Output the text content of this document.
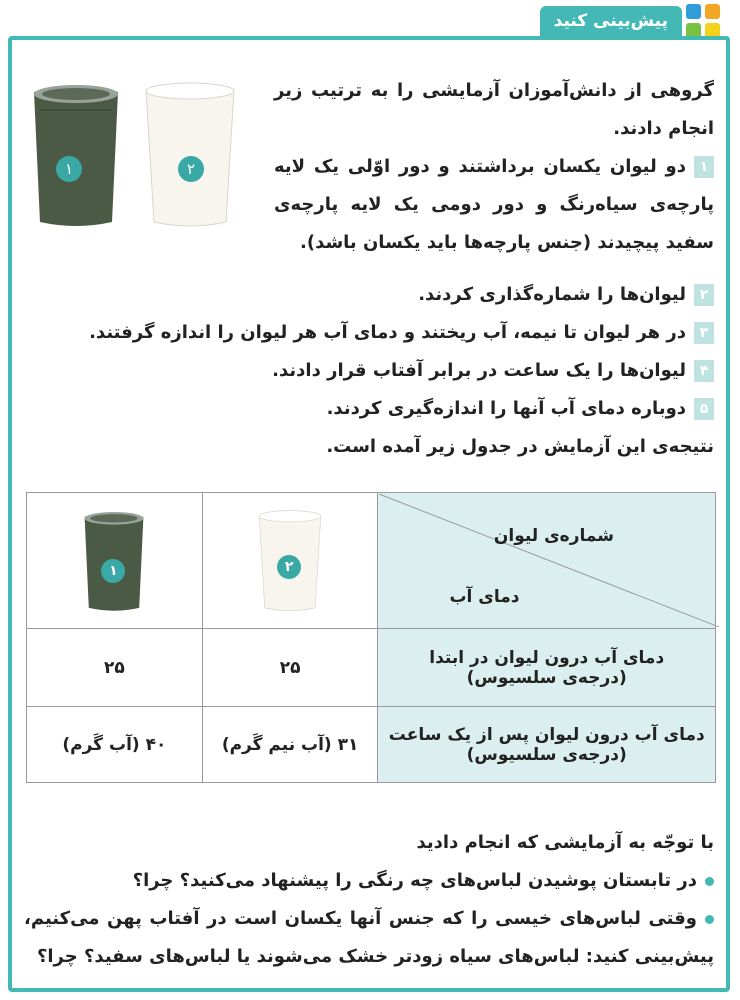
پیش‌بینی کنید
۱	۲

گروهی از دانش‌آموزان آزمایشی را به ترتیب زیر انجام دادند.

۱دو لیوان یکسان برداشتند و دور اوّلی یک لایه پارچه‌ی سیاه‌رنگ و دور دومی یک لایه پارچه‌ی سفید پیچیدند (جنس پارچه‌ها باید یکسان باشد).

۲لیوان‌ها را شماره‌گذاری کردند.

۳در هر لیوان تا نیمه، آب ریختند و دمای آب هر لیوان را اندازه گرفتند.

۴لیوان‌ها را یک ساعت در برابر آفتاب قرار دادند.

۵دوباره دمای آب آنها را اندازه‌گیری کردند.

نتیجه‌ی این آزمایش در جدول زیر آمده است.

شماره‌ی لیوان
دمای آب	۲	۱

دمای آب درون لیوان در ابتدا
(درجه‌ی سلسیوس)	۲۵	۲۵

دمای آب درون لیوان پس از یک ساعت
(درجه‌ی سلسیوس)	۳۱ (آب نیم گَرم)	۴۰ (آب گَرم)

با توجّه به آزمایشی که انجام دادید

در تابستان پوشیدن لباس‌های چه رنگی را پیشنهاد می‌کنید؟ چرا؟

وقتی لباس‌های خیسی را که جنس آنها یکسان است در آفتاب پهن می‌کنیم، پیش‌بینی کنید: لباس‌های سیاه زودتر خشک می‌شوند یا لباس‌های سفید؟ چرا؟
